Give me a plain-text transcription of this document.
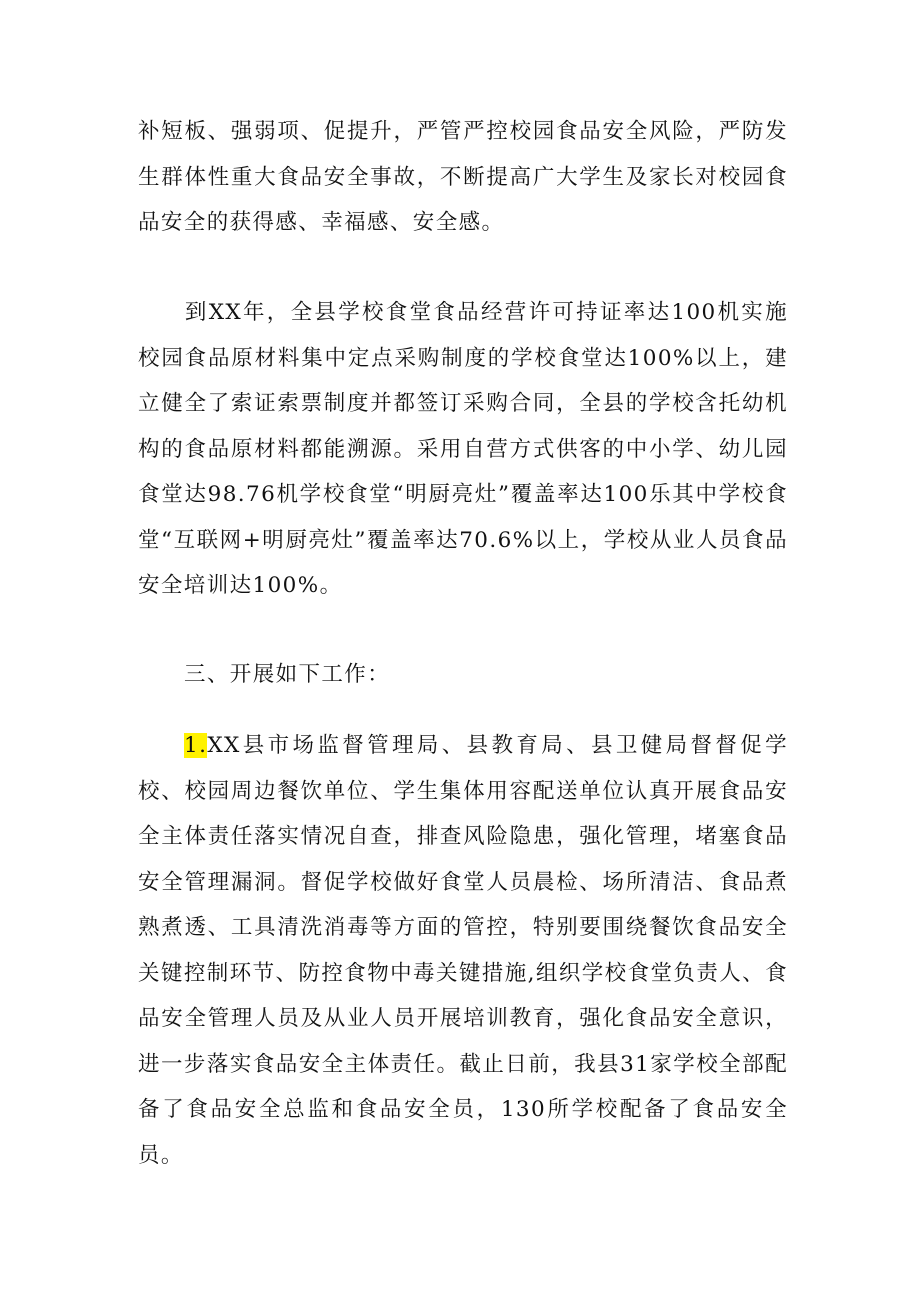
补短板、强弱项、促提升，严管严控校园食品安全风险，严防发生群体性重大食品安全事故，不断提高广大学生及家长对校园食品安全的获得感、幸福感、安全感。

到XX年，全县学校食堂食品经营许可持证率达100机实施校园食品原材料集中定点采购制度的学校食堂达100%以上，建立健全了索证索票制度并都签订采购合同，全县的学校含托幼机构的食品原材料都能溯源。采用自营方式供客的中小学、幼儿园食堂达98.76机学校食堂“明厨亮灶”覆盖率达100乐其中学校食堂“互联网+明厨亮灶”覆盖率达70.6%以上，学校从业人员食品安全培训达100%。

三、开展如下工作：

1.XX县市场监督管理局、县教育局、县卫健局督督促学校、校园周边餐饮单位、学生集体用容配送单位认真开展食品安全主体责任落实情况自查，排查风险隐患，强化管理，堵塞食品安全管理漏洞。督促学校做好食堂人员晨检、场所清洁、食品煮熟煮透、工具清洗消毒等方面的管控，特别要围绕餐饮食品安全关键控制环节、防控食物中毒关键措施,组织学校食堂负责人、食品安全管理人员及从业人员开展培训教育，强化食品安全意识，进一步落实食品安全主体责任。截止日前，我县31家学校全部配备了食品安全总监和食品安全员，130所学校配备了食品安全员。
